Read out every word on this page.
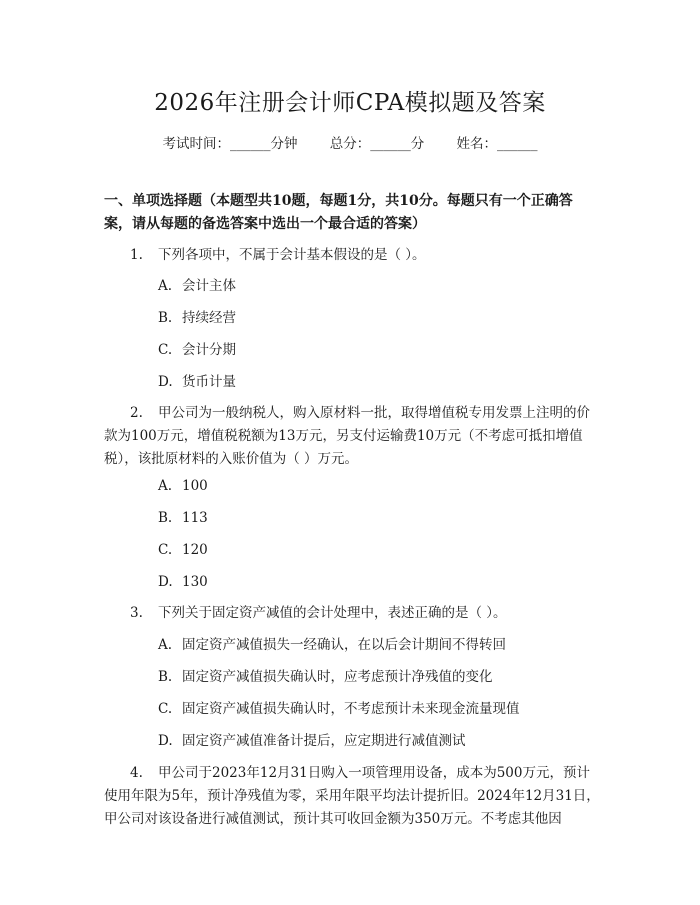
2026年注册会计师CPA模拟题及答案
考试时间：______分钟 总分：______分 姓名：______
一、单项选择题（本题型共10题，每题1分，共10分。每题只有一个正确答案，请从每题的备选答案中选出一个最合适的答案）
1. 下列各项中，不属于会计基本假设的是（ ）。
A. 会计主体
B. 持续经营
C. 会计分期
D. 货币计量
2. 甲公司为一般纳税人，购入原材料一批，取得增值税专用发票上注明的价款为100万元，增值税税额为13万元，另支付运输费10万元（不考虑可抵扣增值税），该批原材料的入账价值为（ ）万元。
A. 100
B. 113
C. 120
D. 130
3. 下列关于固定资产减值的会计处理中，表述正确的是（ ）。
A. 固定资产减值损失一经确认，在以后会计期间不得转回
B. 固定资产减值损失确认时，应考虑预计净残值的变化
C. 固定资产减值损失确认时，不考虑预计未来现金流量现值
D. 固定资产减值准备计提后，应定期进行减值测试
4. 甲公司于2023年12月31日购入一项管理用设备，成本为500万元，预计使用年限为5年，预计净残值为零，采用年限平均法计提折旧。2024年12月31日，甲公司对该设备进行减值测试，预计其可收回金额为350万元。不考虑其他因
